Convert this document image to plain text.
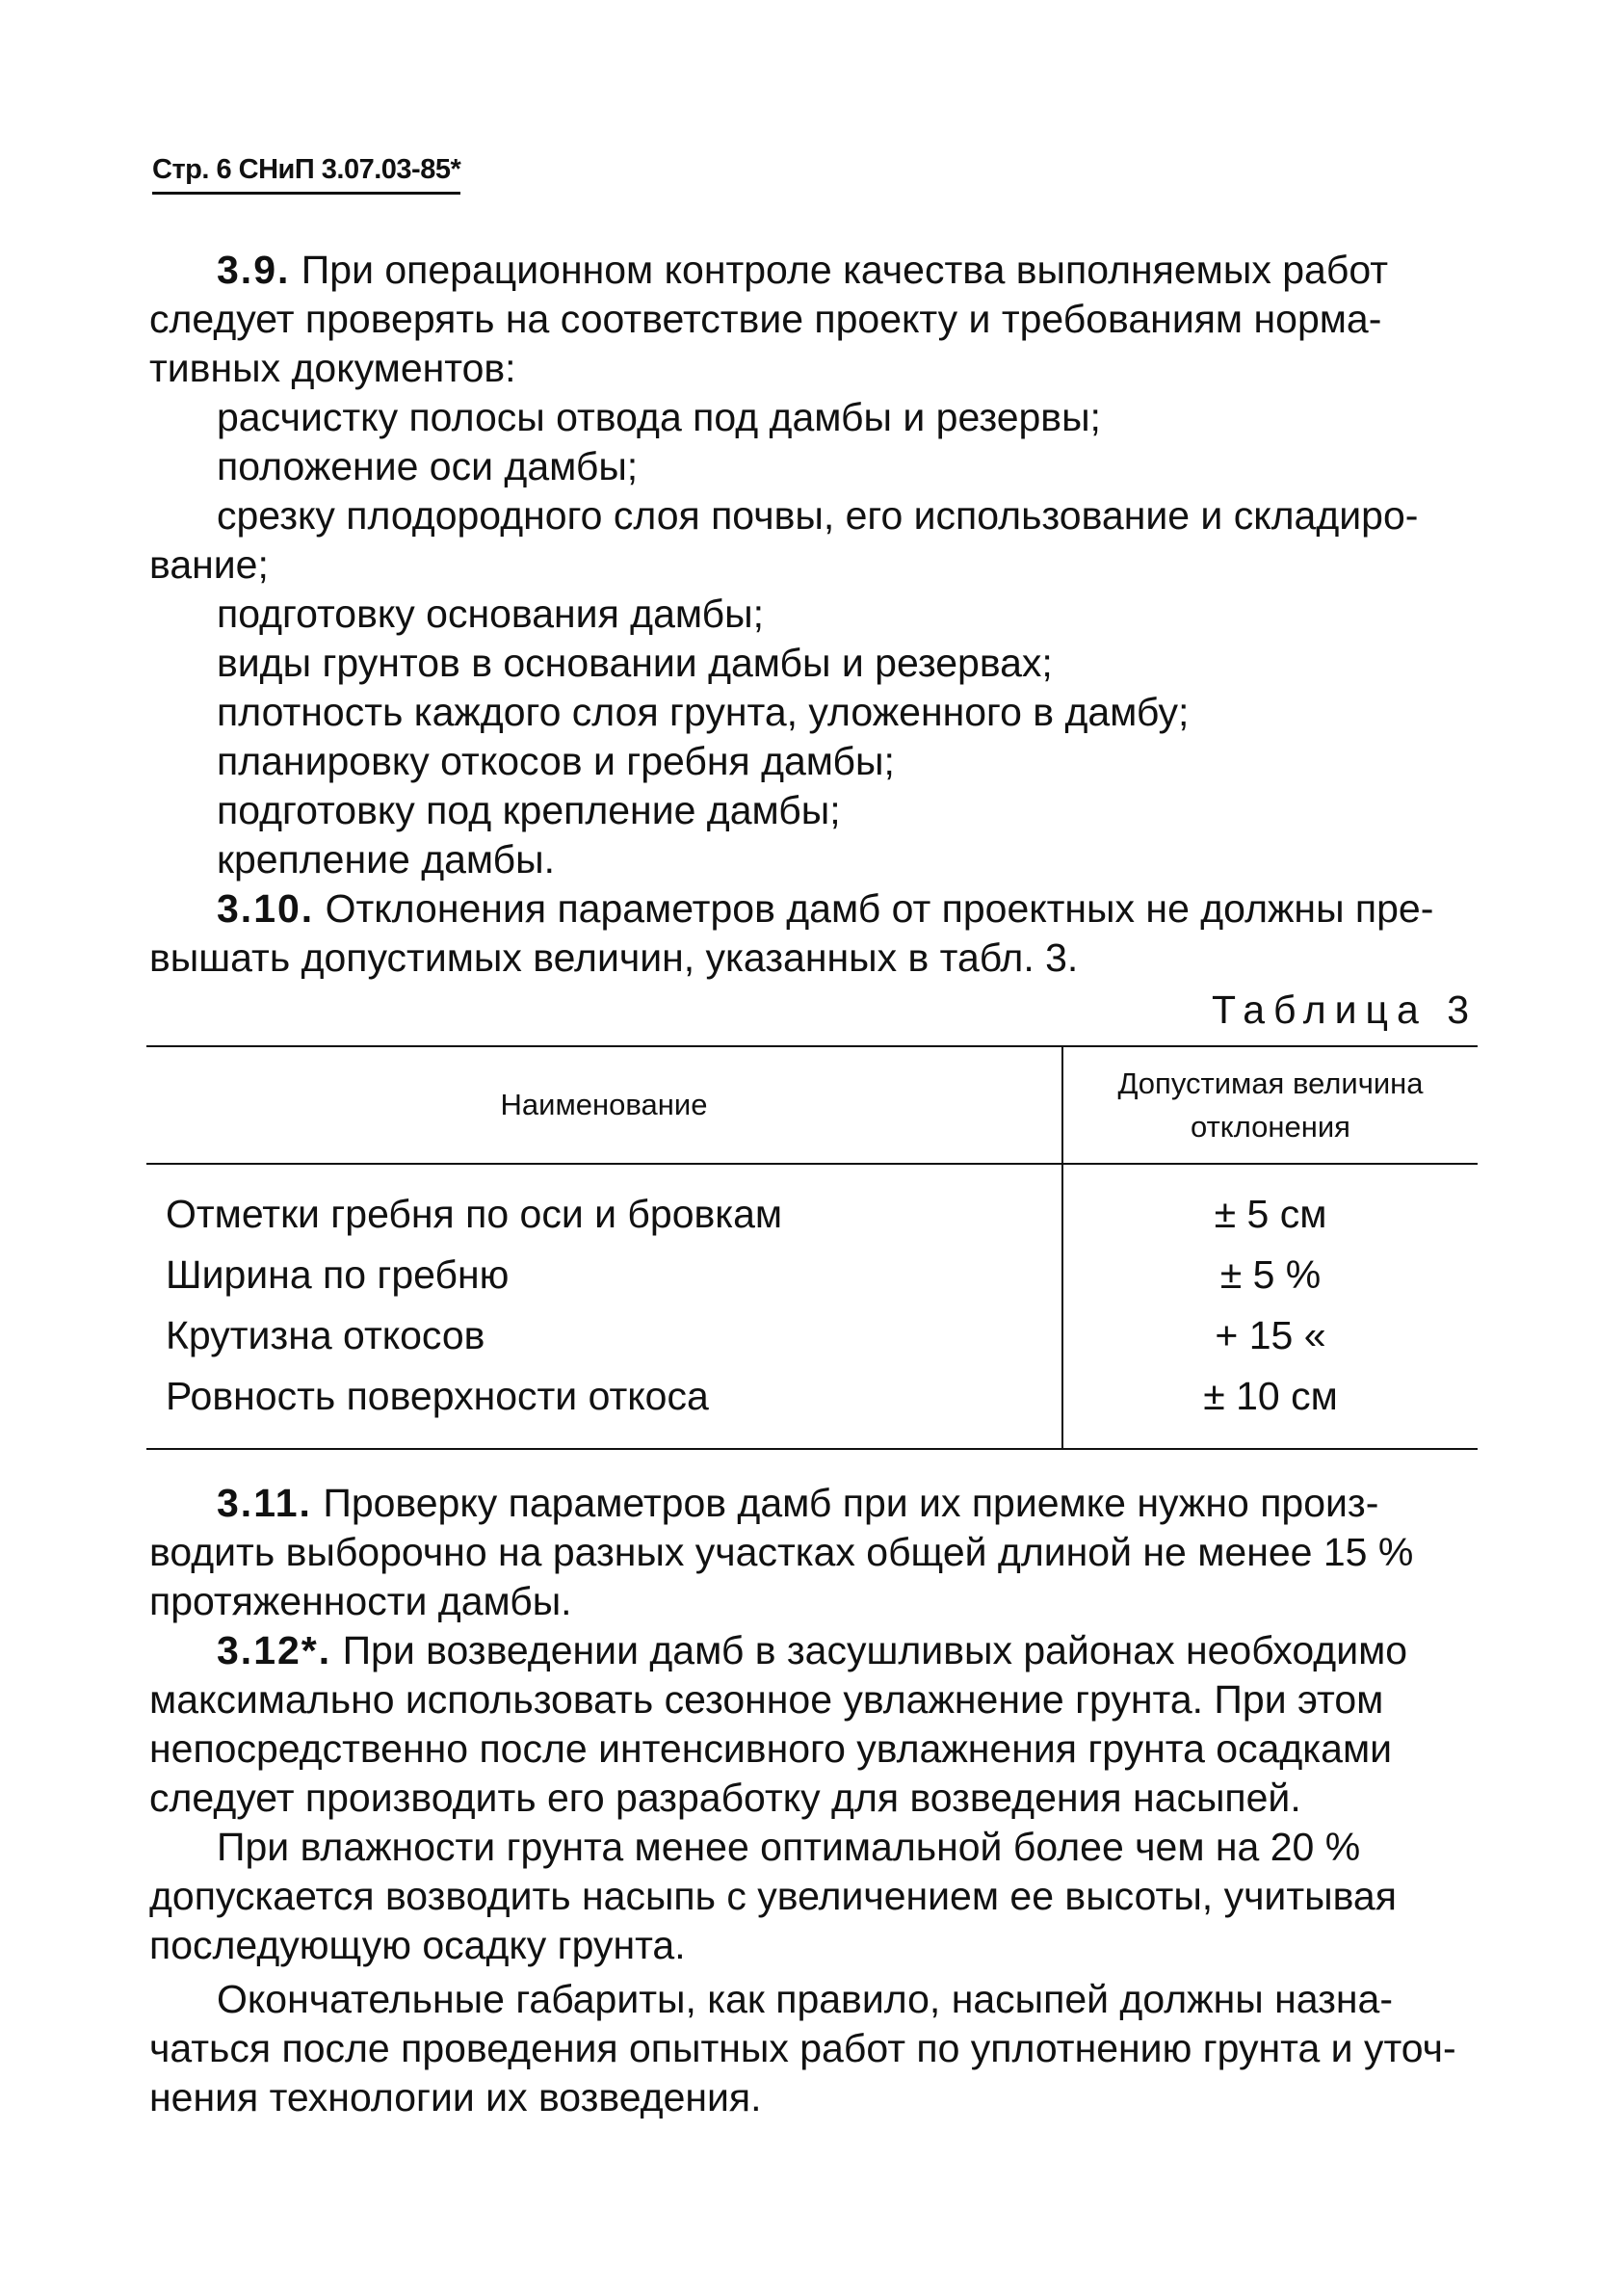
Стр. 6 СНиП 3.07.03-85*

3.9. При операционном контроле качества выполняемых работ

следует проверять на соответствие проекту и требованиям норма-

тивных документов:

расчистку полосы отвода под дамбы и резервы;

положение оси дамбы;

срезку плодородного слоя почвы, его использование и складиро-

вание;

подготовку основания дамбы;

виды грунтов в основании дамбы и резервах;

плотность каждого слоя грунта, уложенного в дамбу;

планировку откосов и гребня дамбы;

подготовку под крепление дамбы;

крепление дамбы.

3.10. Отклонения параметров дамб от проектных не должны пре-

вышать допустимых величин, указанных в табл. 3.

Таблица 3
Наименование
Допустимая величина
отклонения
Отметки гребня по оси и бровкам
Ширина по гребню
Крутизна откосов
Ровность поверхности откоса
± 5 см
± 5 %
+ 15 «
± 10 см

3.11. Проверку параметров дамб при их приемке нужно произ-

водить выборочно на разных участках общей длиной не менее 15 %

протяженности дамбы.

3.12*. При возведении дамб в засушливых районах необходимо

максимально использовать сезонное увлажнение грунта. При этом

непосредственно после интенсивного увлажнения грунта осадками

следует производить его разработку для возведения насыпей.

При влажности грунта менее оптимальной более чем на 20 %

допускается возводить насыпь с увеличением ее высоты, учитывая

последующую осадку грунта.

Окончательные габариты, как правило, насыпей должны назна-

чаться после проведения опытных работ по уплотнению грунта и уточ-

нения технологии их возведения.
